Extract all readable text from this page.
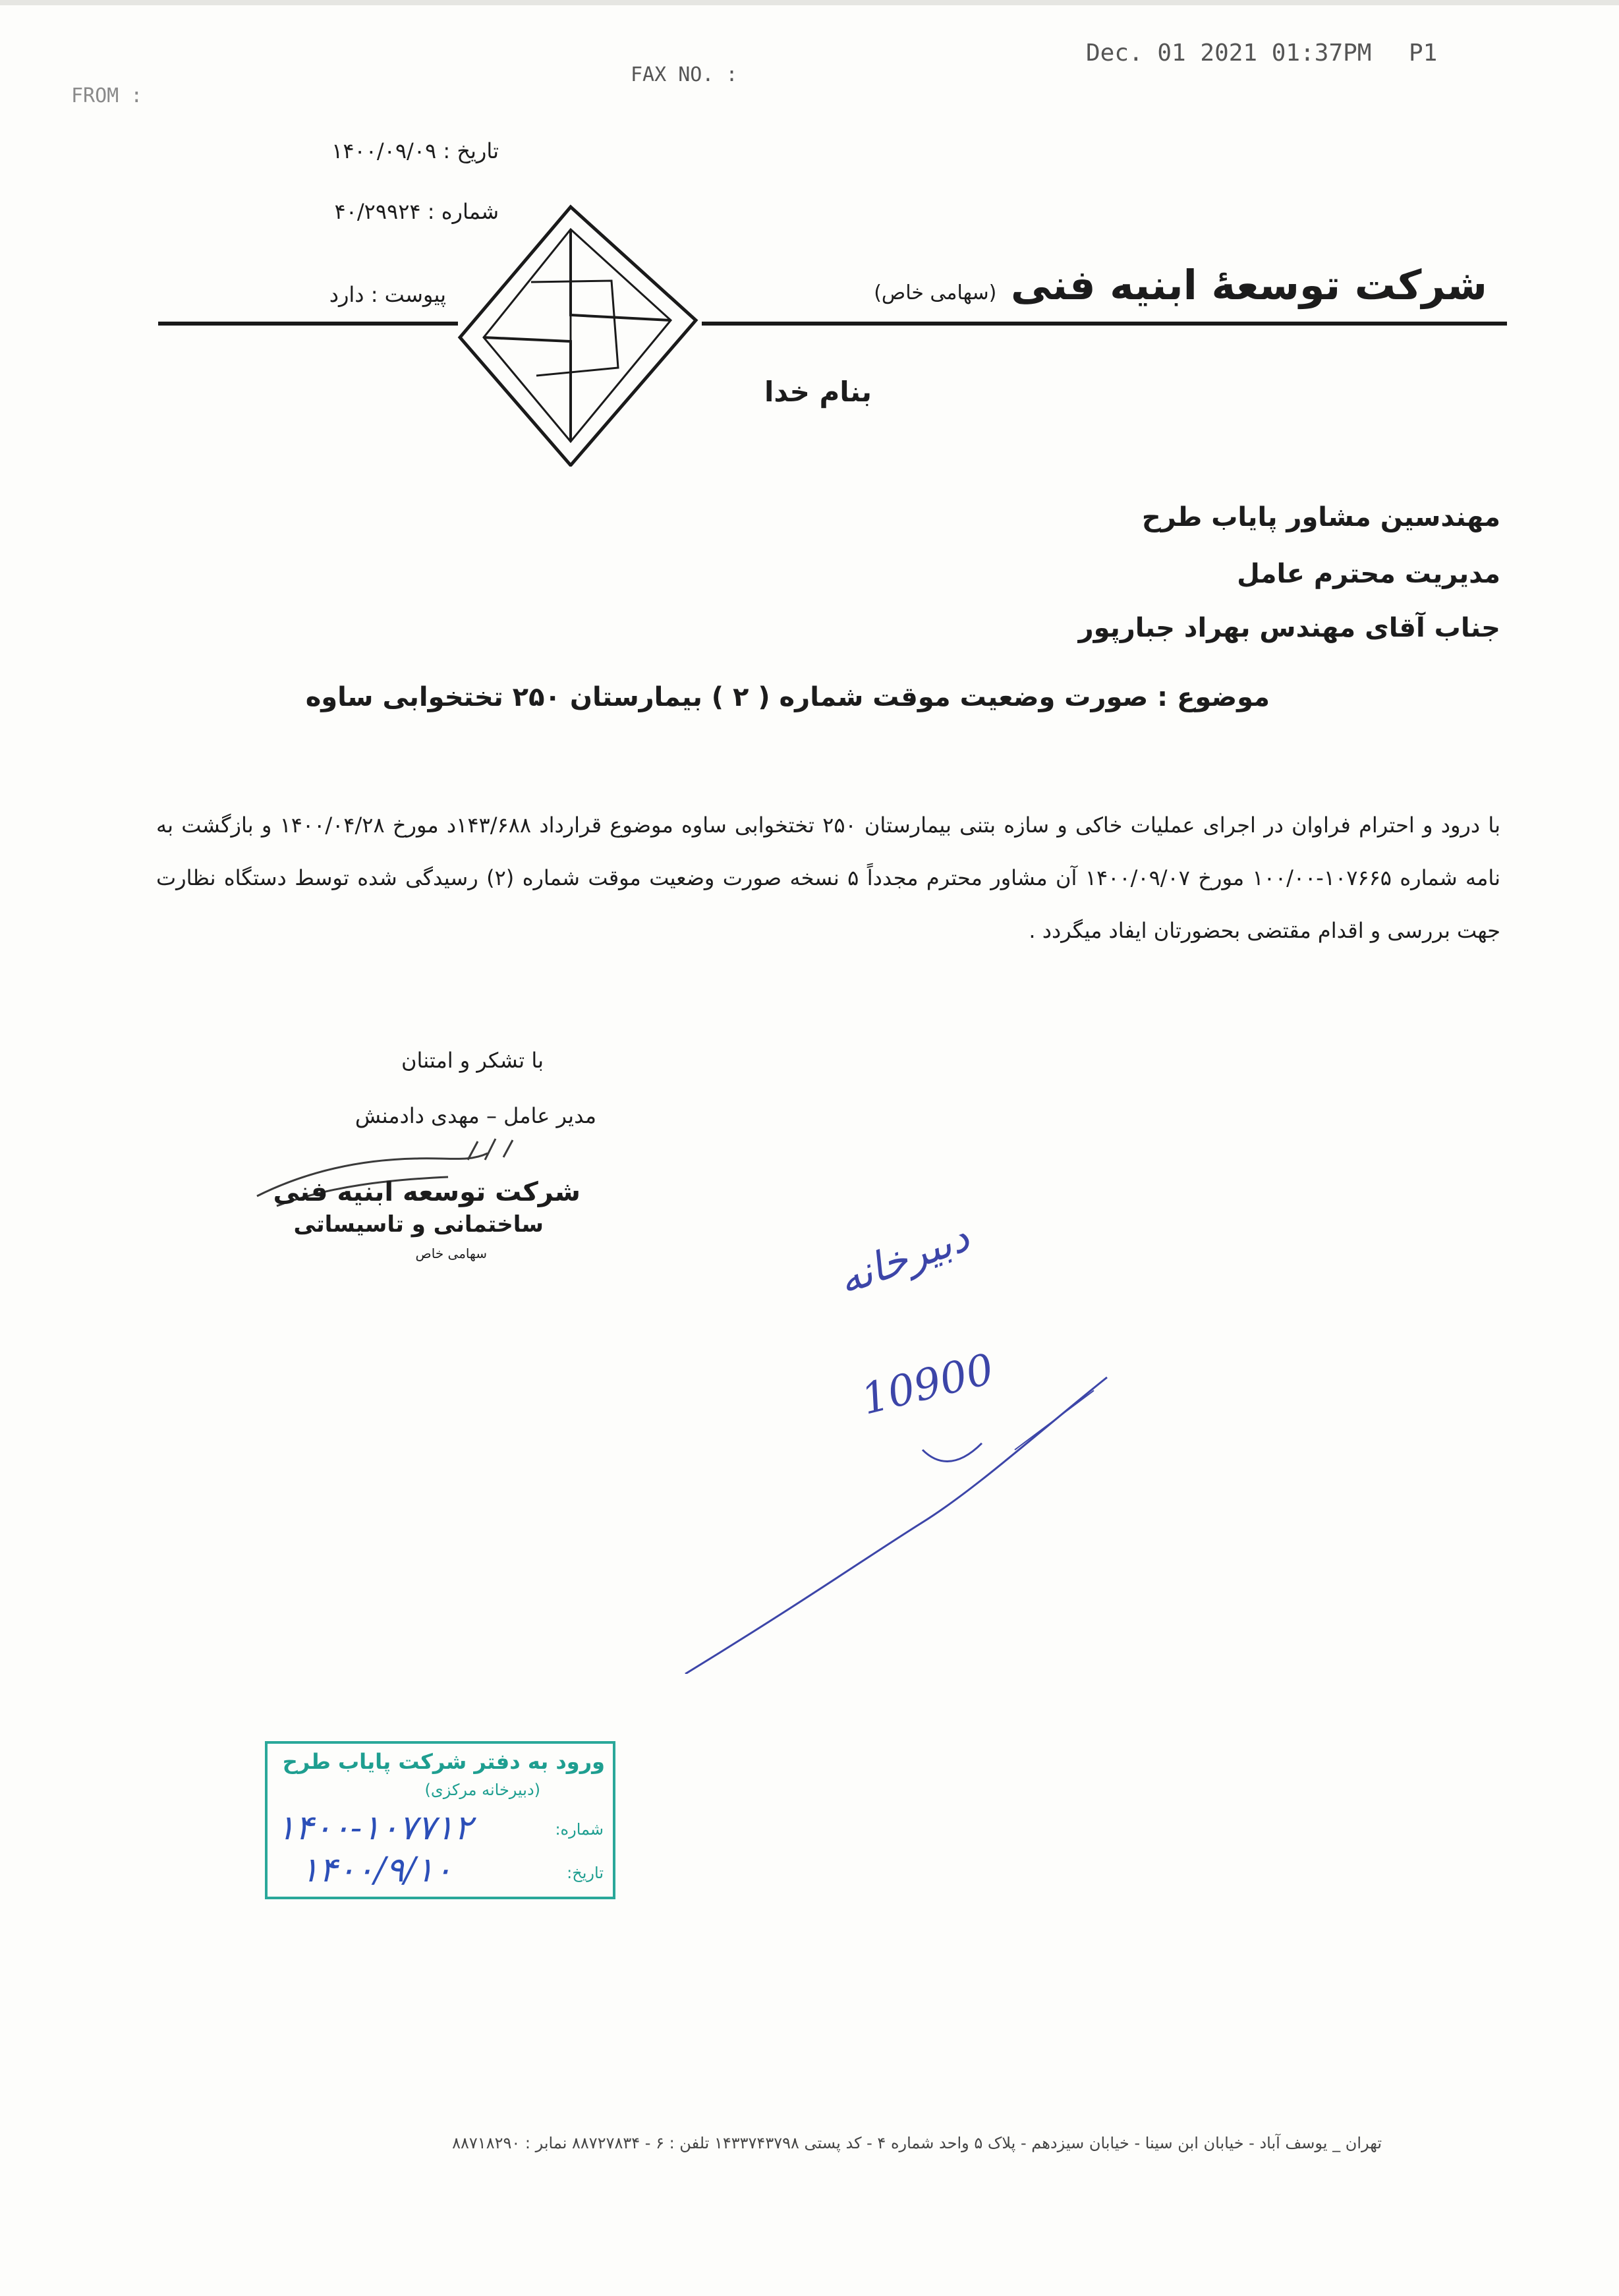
FROM :
FAX NO. :
Dec. 01 2021 01:37PM P1
تاریخ : ۱۴۰۰/۰۹/۰۹
شماره : ۴۰/۲۹۹۲۴
پیوست : دارد	شرکت توسعهٔ ابنیه فنی (سهامی خاص)
بنام خدا
مهندسین مشاور پایاب طرح
مدیریت محترم عامل
جناب آقای مهندس بهراد جبارپور
موضوع : صورت وضعیت موقت شماره ( ۲ ) بیمارستان ۲۵۰ تختخوابی ساوه
با درود و احترام فراوان در اجرای عملیات خاکی و سازه بتنی بیمارستان ۲۵۰ تختخوابی ساوه موضوع قرارداد ۱۴۳/۶۸۸د مورخ ۱۴۰۰/۰۴/۲۸ و بازگشت به نامه شماره ۱۰۷۶۶۵-۱۰۰/۰۰ مورخ ۱۴۰۰/۰۹/۰۷ آن مشاور محترم مجدداً ۵ نسخه صورت وضعیت موقت شماره (۲) رسیدگی شده توسط دستگاه نظارت جهت بررسی و اقدام مقتضی بحضورتان ایفاد میگردد .
با تشکر و امتنان
مدیر عامل – مهدی دادمنش
شرکت توسعه ابنیه فنی
ساختمانی و تاسیساتی
سهامی خاص	دبیرخانه
10900
ورود به دفتر شرکت پایاب طرح
(دبیرخانه مرکزی)
شماره:
۱۴۰۰-۱۰۷۷۱۲
تاریخ:
۱۴۰۰/۹/۱۰
تهران _ یوسف آباد - خیابان ابن سینا - خیابان سیزدهم - پلاک ۵ واحد شماره ۴ - کد پستی ۱۴۳۳۷۴۳۷۹۸ تلفن : ۶ - ۸۸۷۲۷۸۳۴ نمابر : ۸۸۷۱۸۲۹۰
